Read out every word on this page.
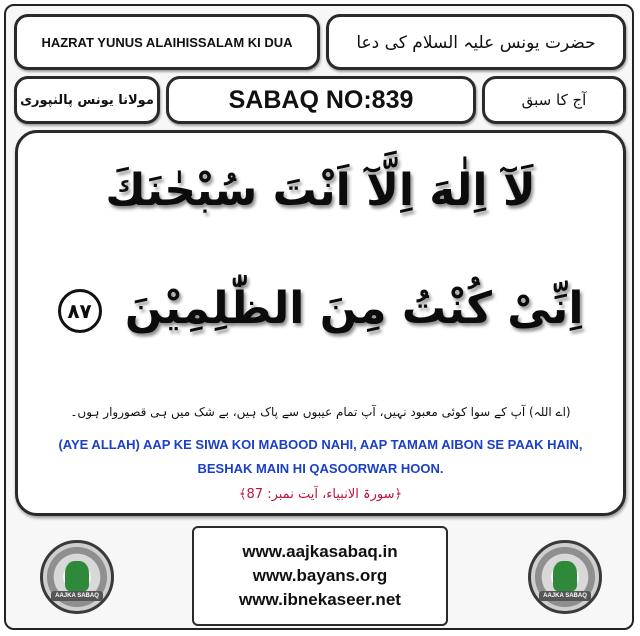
HAZRAT YUNUS ALAIHISSALAM KI DUA	حضرت یونس علیہ السلام کی دعا
مولانا یونس پالنپوری	SABAQ NO:839	آج کا سبق
لَآ اِلٰهَ اِلَّآ اَنْتَ سُبْحٰنَكَ
اِنِّیْ كُنْتُ مِنَ الظّٰلِمِیْنَ ۸۷
(اے اللہ) آپ کے سوا کوئی معبود نہیں، آپ تمام عیبوں سے پاک ہیں، بے شک میں ہی قصوروار ہوں۔
(AYE ALLAH) AAP KE SIWA KOI MABOOD NAHI, AAP TAMAM AIBON SE PAAK HAIN,
BESHAK MAIN HI QASOORWAR HOON.
﴿سورۃ الانبیاء، آیت نمبر: 87﴾
AAJKA SABAQ
www.aajkasabaq.in
www.bayans.org
www.ibnekaseer.net	AAJKA SABAQ
